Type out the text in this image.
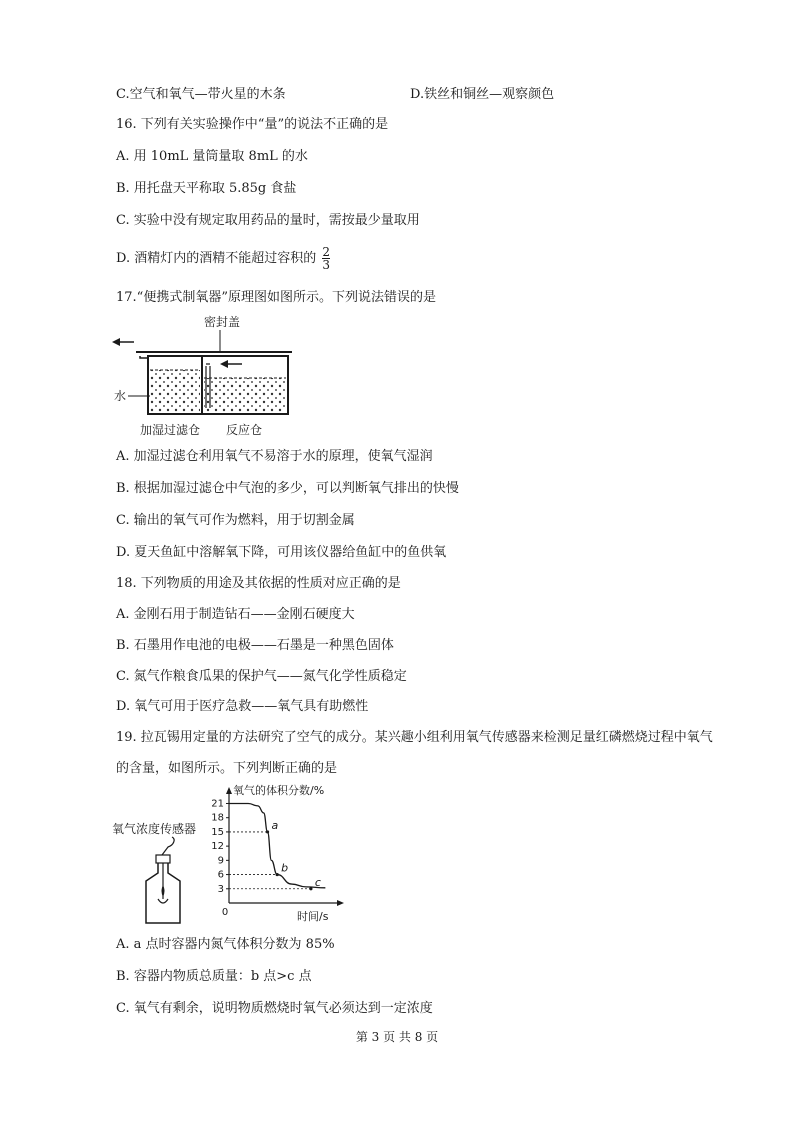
C.空气和氧气—带火星的木条	D.铁丝和铜丝—观察颜色
16. 下列有关实验操作中“量”的说法不正确的是
A. 用 10mL 量筒量取 8mL 的水
B. 用托盘天平称取 5.85g 食盐
C. 实验中没有规定取用药品的量时，需按最少量取用
D. 酒精灯内的酒精不能超过容积的 $\frac{2}{3}$
17.“便携式制氧器”原理图如图所示。下列说法错误的是
密封盖
水
加湿过滤仓 反应仓
A. 加湿过滤仓利用氧气不易溶于水的原理，使氧气湿润
B. 根据加湿过滤仓中气泡的多少，可以判断氧气排出的快慢
C. 输出的氧气可作为燃料，用于切割金属
D. 夏天鱼缸中溶解氧下降，可用该仪器给鱼缸中的鱼供氧
18. 下列物质的用途及其依据的性质对应正确的是
A. 金刚石用于制造钻石——金刚石硬度大
B. 石墨用作电池的电极——石墨是一种黑色固体
C. 氮气作粮食瓜果的保护气——氮气化学性质稳定
D. 氧气可用于医疗急救——氧气具有助燃性
19. 拉瓦锡用定量的方法研究了空气的成分。某兴趣小组利用氧气传感器来检测足量红磷燃烧过程中氧气
的含量，如图所示。下列判断正确的是
氧气浓度传感器
氧气的体积分数/%
时间/s
0
3
6
9
12
15
18
21
a
b
c
A. a 点时容器内氮气体积分数为 85%
B. 容器内物质总质量：b 点>c 点
C. 氧气有剩余，说明物质燃烧时氧气必须达到一定浓度
第 3 页 共 8 页
